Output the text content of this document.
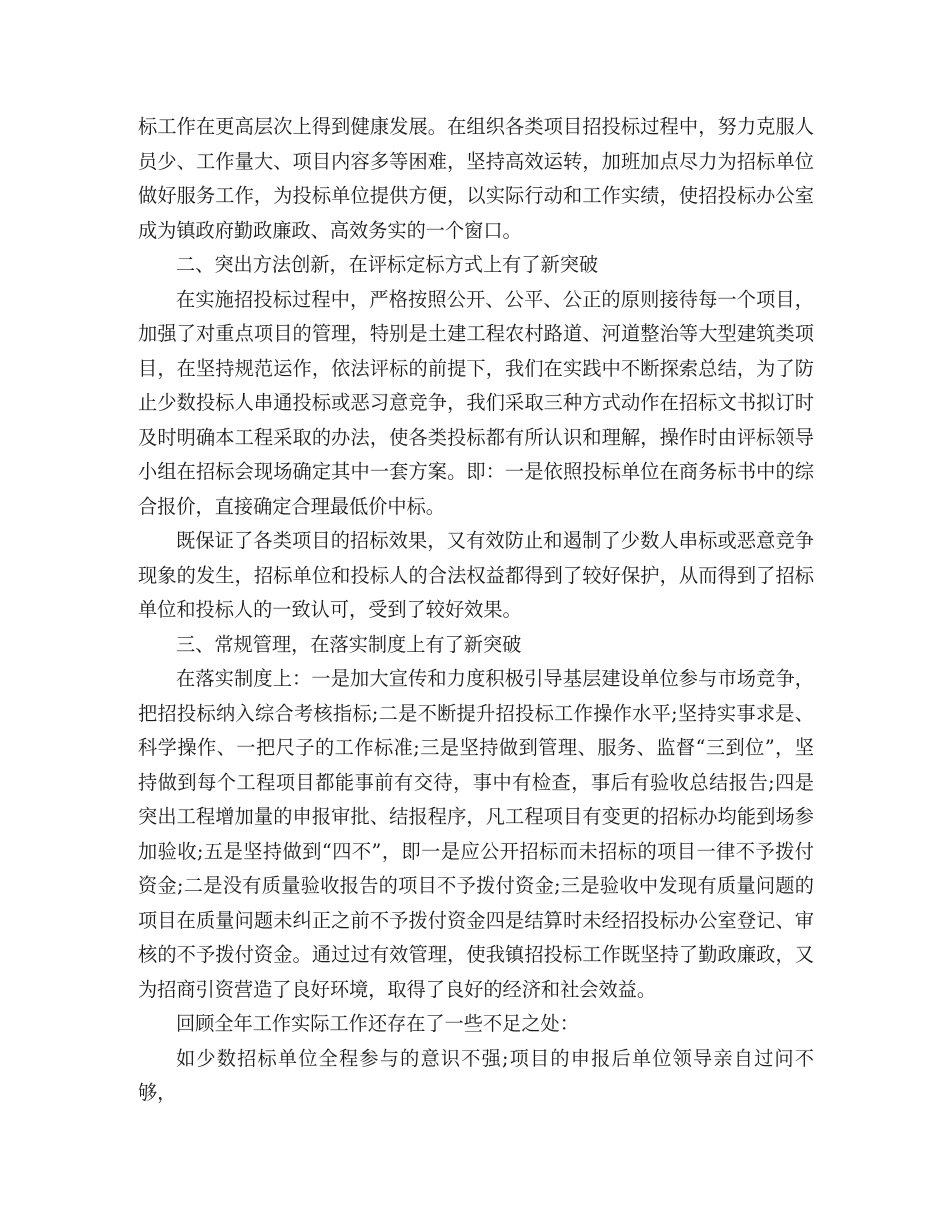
标工作在更高层次上得到健康发展。在组织各类项目招投标过程中，努力克服人员少、工作量大、项目内容多等困难，坚持高效运转，加班加点尽力为招标单位做好服务工作，为投标单位提供方便，以实际行动和工作实绩，使招投标办公室成为镇政府勤政廉政、高效务实的一个窗口。

二、突出方法创新，在评标定标方式上有了新突破

在实施招投标过程中，严格按照公开、公平、公正的原则接待每一个项目，加强了对重点项目的管理，特别是土建工程农村路道、河道整治等大型建筑类项目，在坚持规范运作，依法评标的前提下，我们在实践中不断探索总结，为了防止少数投标人串通投标或恶习意竞争，我们采取三种方式动作在招标文书拟订时及时明确本工程采取的办法，使各类投标都有所认识和理解，操作时由评标领导小组在招标会现场确定其中一套方案。即：一是依照投标单位在商务标书中的综合报价，直接确定合理最低价中标。

既保证了各类项目的招标效果，又有效防止和遏制了少数人串标或恶意竞争现象的发生，招标单位和投标人的合法权益都得到了较好保护，从而得到了招标单位和投标人的一致认可，受到了较好效果。

三、常规管理，在落实制度上有了新突破

在落实制度上：一是加大宣传和力度积极引导基层建设单位参与市场竞争，把招投标纳入综合考核指标;二是不断提升招投标工作操作水平;坚持实事求是、科学操作、一把尺子的工作标准;三是坚持做到管理、服务、监督“三到位”，坚持做到每个工程项目都能事前有交待，事中有检查，事后有验收总结报告;四是突出工程增加量的申报审批、结报程序，凡工程项目有变更的招标办均能到场参加验收;五是坚持做到“四不”，即一是应公开招标而未招标的项目一律不予拨付资金;二是没有质量验收报告的项目不予拨付资金;三是验收中发现有质量问题的项目在质量问题未纠正之前不予拨付资金四是结算时未经招投标办公室登记、审核的不予拨付资金。通过过有效管理，使我镇招投标工作既坚持了勤政廉政，又为招商引资营造了良好环境，取得了良好的经济和社会效益。

回顾全年工作实际工作还存在了一些不足之处：

如少数招标单位全程参与的意识不强;项目的申报后单位领导亲自过问不够，
